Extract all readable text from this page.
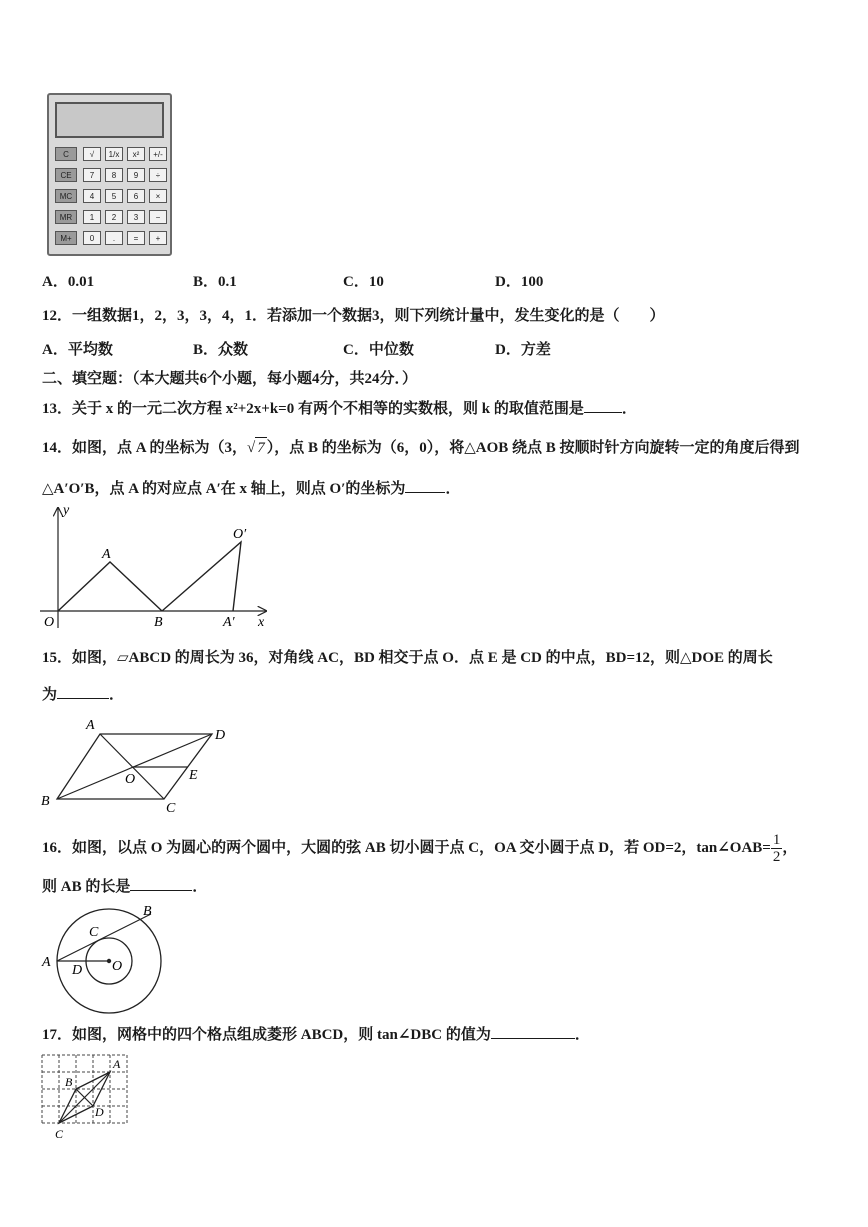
C	√	1/x	x²	+/-
CE	7	8	9	÷
MC	4	5	6	×
MR	1	2	3	−
M+	0	.	=	+
A．0.01	B．0.1	C．10	D．100
12．一组数据1，2，3，3，4，1．若添加一个数据3，则下列统计量中，发生变化的是（　　）
A．平均数	B．众数	C．中位数	D．方差
二、填空题：（本大题共6个小题，每小题4分，共24分．）
13．关于 x 的一元二次方程 x²+2x+k=0 有两个不相等的实数根，则 k 的取值范围是	．
14．如图，点 A 的坐标为（3，√ 7 ），点 B 的坐标为（6，0），将△AOB 绕点 B 按顺时针方向旋转一定的角度后得到
△A′O′B，点 A 的对应点 A′在 x 轴上，则点 O′的坐标为	．
y
A
O′
O	B	A′ x
15．如图，▱ABCD 的周长为 36，对角线 AC，BD 相交于点 O．点 E 是 CD 的中点，BD=12，则△DOE 的周长
为	．
A
D
O	E
B	C
16．如图，以点 O 为圆心的两个圆中，大圆的弦 AB 切小圆于点 C，OA 交小圆于点 D，若 OD=2，tan∠OAB= $\frac{1}{2}$ ，
则 AB 的长是	．
B
C
A
D O
17．如图，网格中的四个格点组成菱形 ABCD，则 tan∠DBC 的值为	．
A
B
D
C
